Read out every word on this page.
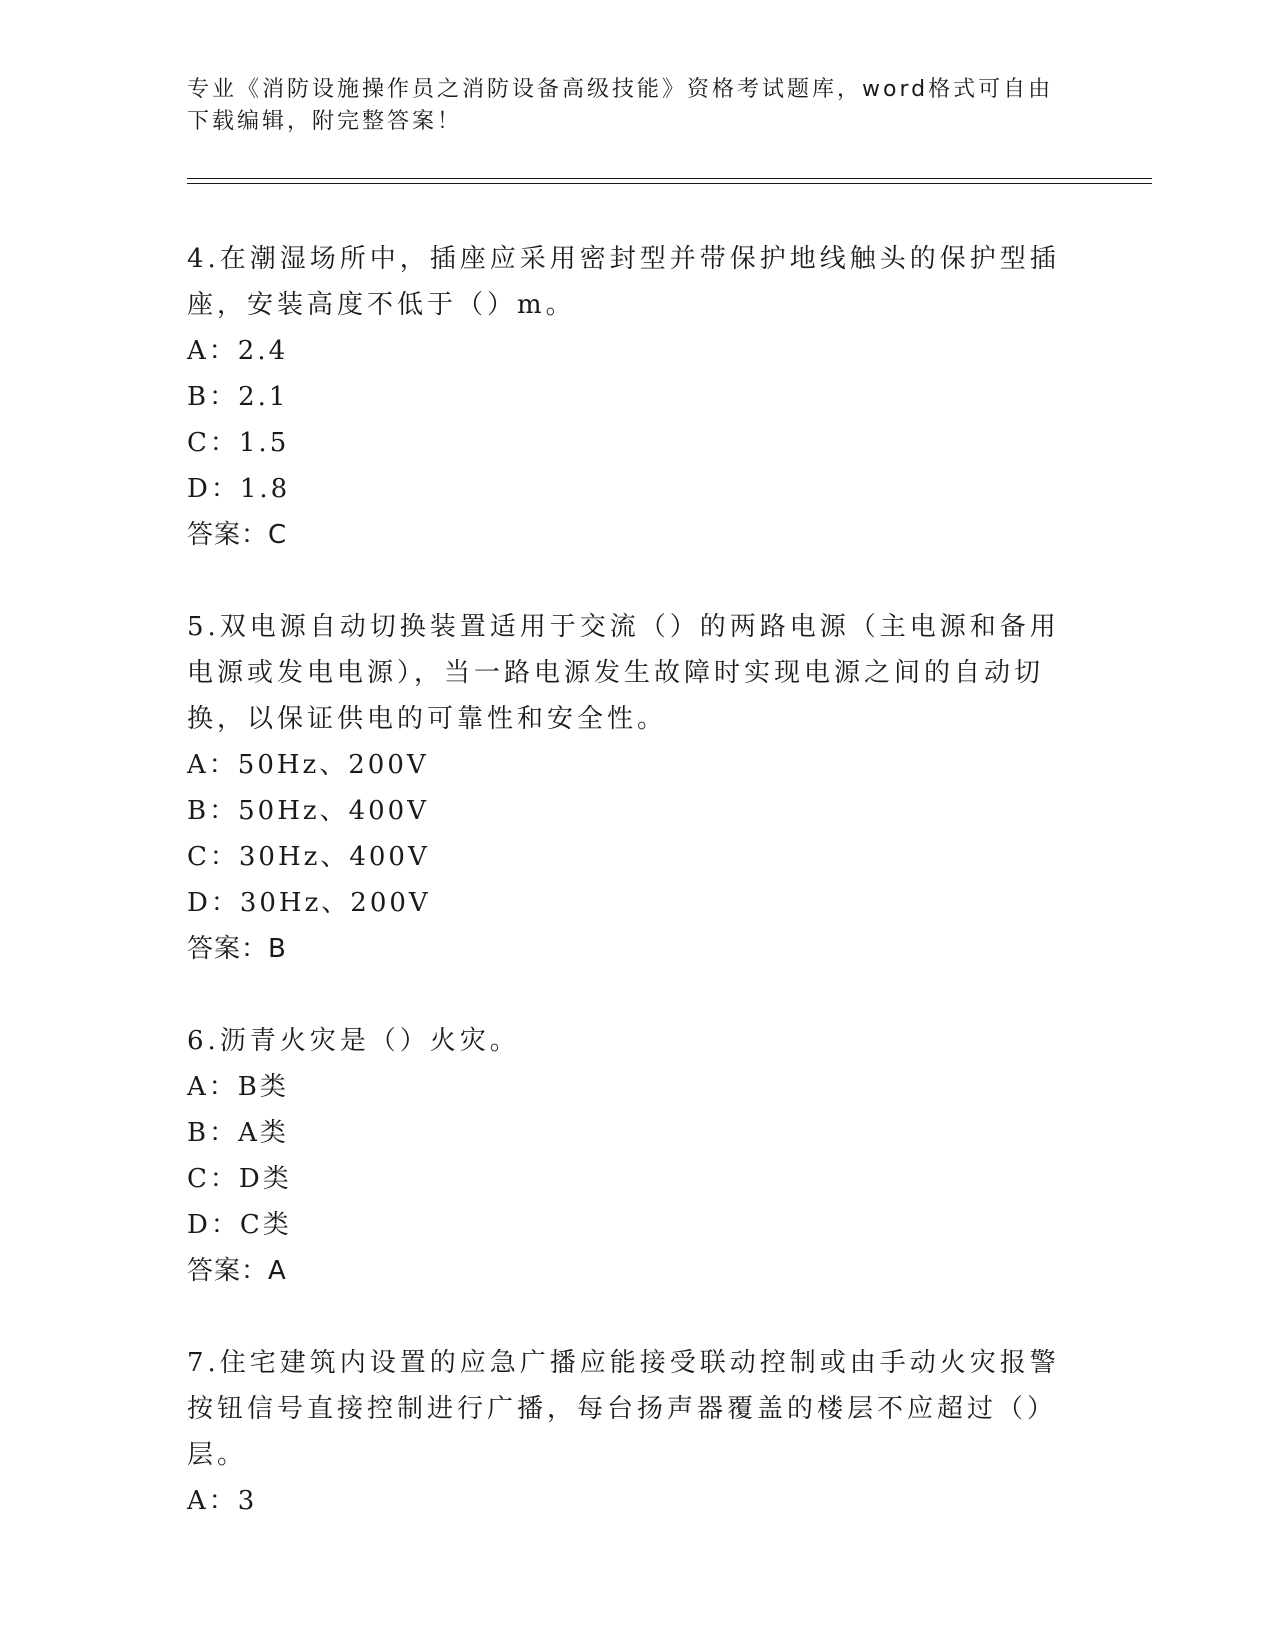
专业《消防设施操作员之消防设备高级技能》资格考试题库，word格式可自由下载编辑，附完整答案！

4.在潮湿场所中，插座应采用密封型并带保护地线触头的保护型插座，安装高度不低于（）m。

A：2.4

B：2.1

C：1.5

D：1.8

答案：C

5.双电源自动切换装置适用于交流（）的两路电源（主电源和备用电源或发电电源），当一路电源发生故障时实现电源之间的自动切换，以保证供电的可靠性和安全性。

A：50Hz、200V

B：50Hz、400V

C：30Hz、400V

D：30Hz、200V

答案：B

6.沥青火灾是（）火灾。

A：B类

B：A类

C：D类

D：C类

答案：A

7.住宅建筑内设置的应急广播应能接受联动控制或由手动火灾报警按钮信号直接控制进行广播，每台扬声器覆盖的楼层不应超过（）层。

A：3
